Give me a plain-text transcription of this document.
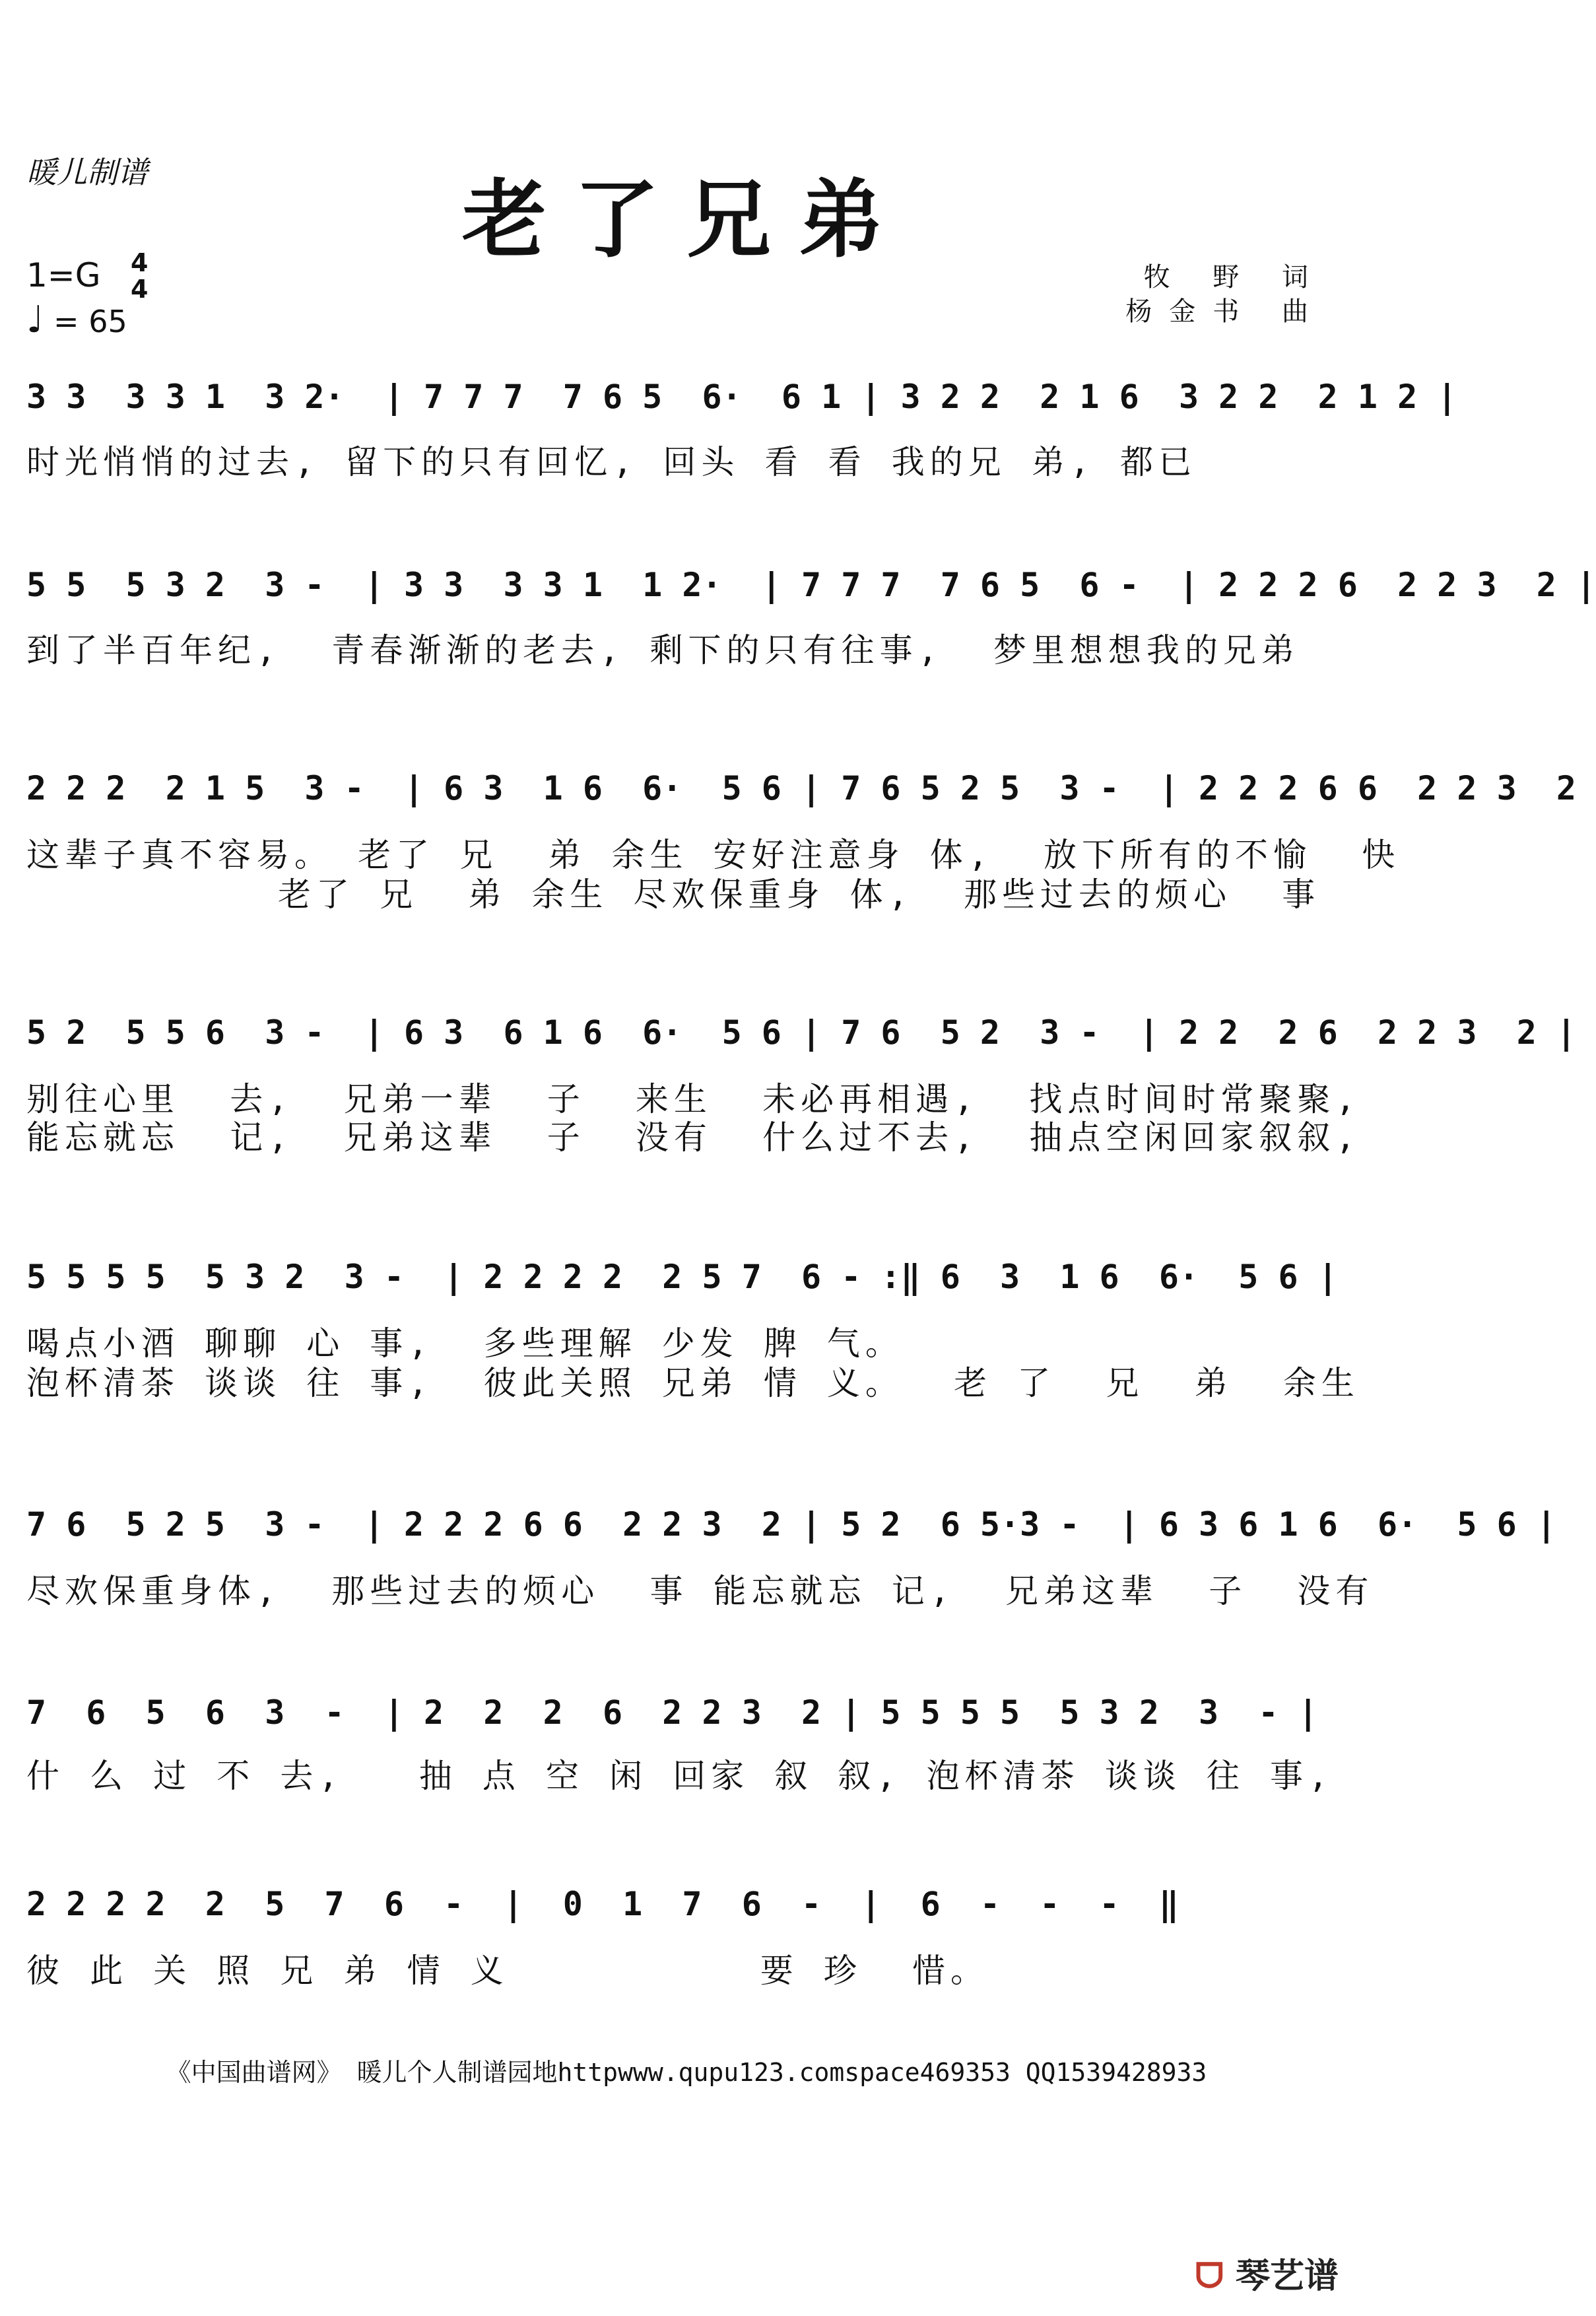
暖儿制谱	老了兄弟
1=G 4
4
♩ = 65
牧 野 词
杨金书 曲
3 3  3 3 1  3 2·  | 7 7 7  7 6 5  6·  6 1 | 3 2 2  2 1 6  3 2 2  2 1 2 |
时光悄悄的过去, 留下的只有回忆, 回头 看 看 我的兄 弟, 都已
5 5  5 3 2  3 -  | 3 3  3 3 1  1 2·  | 7 7 7  7 6 5  6 -  | 2 2 2 6  2 2 3  2 |
到了半百年纪,  青春渐渐的老去, 剩下的只有往事,  梦里想想我的兄弟
2 2 2  2 1 5  3 -  | 6 3  1 6  6·  5 6 | 7 6 5 2 5  3 -  | 2 2 2 6 6  2 2 3  2
这辈子真不容易。 老了 兄  弟 余生 安好注意身 体,  放下所有的不愉  快
老了 兄  弟 余生 尽欢保重身 体,  那些过去的烦心  事
5 2  5 5 6  3 -  | 6 3  6 1 6  6·  5 6 | 7 6  5 2  3 -  | 2 2  2 6  2 2 3  2 |
别往心里  去,  兄弟一辈  子  来生  未必再相遇,  找点时间时常聚聚,
能忘就忘  记,  兄弟这辈  子  没有  什么过不去,  抽点空闲回家叙叙,
5 5 5 5  5 3 2  3 -  | 2 2 2 2  2 5 7  6 - :‖ 6  3  1 6  6·  5 6 |
喝点小酒 聊聊 心 事,  多些理解 少发 脾 气。
泡杯清茶 谈谈 往 事,  彼此关照 兄弟 情 义。  老 了  兄  弟  余生
7 6  5 2 5  3 -  | 2 2 2 6 6  2 2 3  2 | 5 2  6 5·3 -  | 6 3 6 1 6  6·  5 6 |
尽欢保重身体,  那些过去的烦心  事 能忘就忘 记,  兄弟这辈  子  没有
7  6  5  6  3  -  | 2  2  2  6  2 2 3  2 | 5 5 5 5  5 3 2  3  - |
什 么 过 不 去,   抽 点 空 闲 回家 叙 叙, 泡杯清茶 谈谈 往 事,
2 2 2 2  2  5  7  6  -  |  0  1  7  6  -  |  6  -  -  -  ‖
彼 此 关 照 兄 弟 情 义          要 珍  惜。
《中国曲谱网》 暖儿个人制谱园地httpwww.qupu123.comspace469353 QQ1539428933
ᗜ 琴艺谱
